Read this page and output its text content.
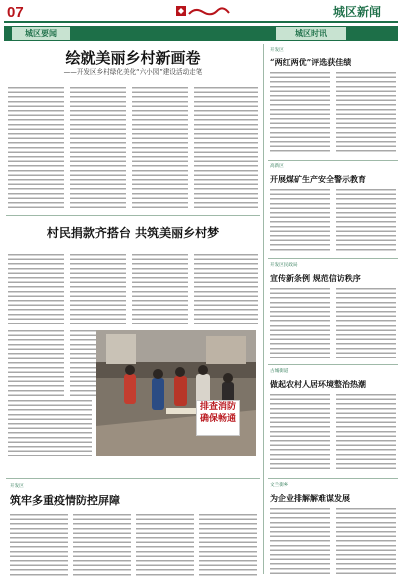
07	城区新闻
城区要闻	城区时讯
绘就美丽乡村新画卷
——开发区乡村绿化美化“六小园”建设活动走笔
村民捐款齐搭台 共筑美丽乡村梦
排查消防
确保畅通
开发区
筑牢多重疫情防控屏障
开发区
“两红两优”评选获佳绩
高新区
开展煤矿生产安全警示教育
开发区民政局
宣传新条例 规范信访秩序
古城街道
做起农村人居环境整治热潮
文兰街乡
为企业排解解难谋发展
